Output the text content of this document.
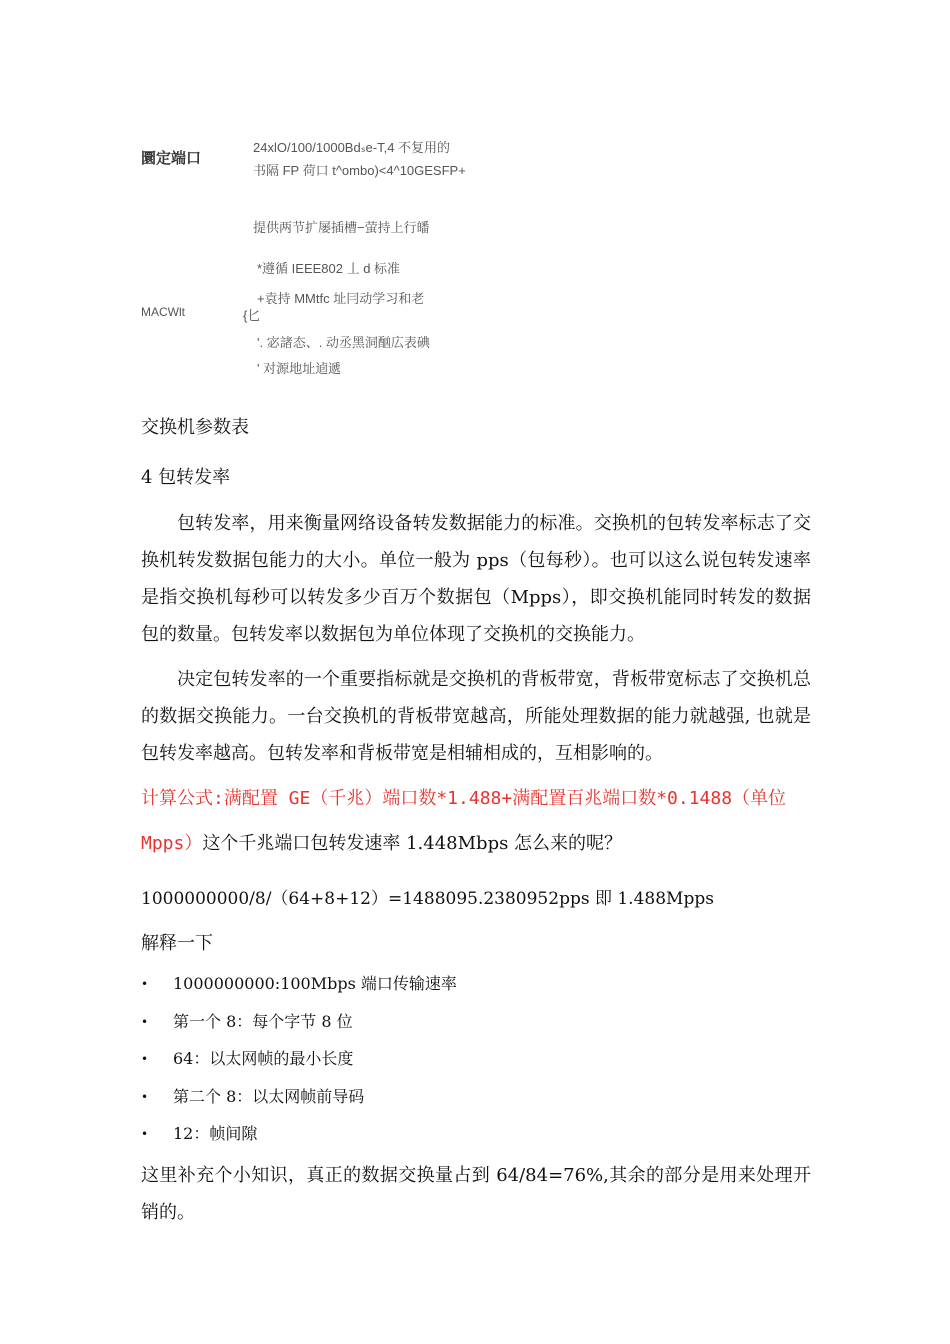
圜定端口
24xlO/100/1000Bdₛe-T,4 不复用的
书隔 FP 荷口 t^ombo)<4^10GESFP+
提供两节扩屡插槽−萤持上行皤
*遵循 IEEE802 丄 d 标准
+袁持 MMtfc 址冃动学习和老
MACWlt	{匕
'. 宓諸态、. 动丞黑洞酗広表碘
' 对源地址逌遞
交换机参数表
4 包转发率
包转发率，用来衡量网络设备转发数据能力的标准。交换机的包转发率标志了交换机转发数据包能力的大小。单位一般为 pps（包每秒）。也可以这么说包转发速率是指交换机每秒可以转发多少百万个数据包（Mpps），即交换机能同时转发的数据包的数量。包转发率以数据包为单位体现了交换机的交换能力。
决定包转发率的一个重要指标就是交换机的背板带宽，背板带宽标志了交换机总的数据交换能力。一台交换机的背板带宽越高，所能处理数据的能力就越强, 也就是包转发率越高。包转发率和背板带宽是相辅相成的，互相影响的。
计算公式:满配置 GE（千兆）端口数*1.488+满配置百兆端口数*0.1488（单位 Mpps）这个千兆端口包转发速率 1.448Mbps 怎么来的呢？
1000000000/8/（64+8+12）=1488095.2380952pps 即 1.488Mpps
解释一下
• 1000000000:100Mbps 端口传输速率
• 第一个 8：每个字节 8 位
• 64：以太网帧的最小长度
• 第二个 8：以太网帧前导码
• 12：帧间隙
这里补充个小知识，真正的数据交换量占到 64/84=76%,其余的部分是用来处理开销的。
